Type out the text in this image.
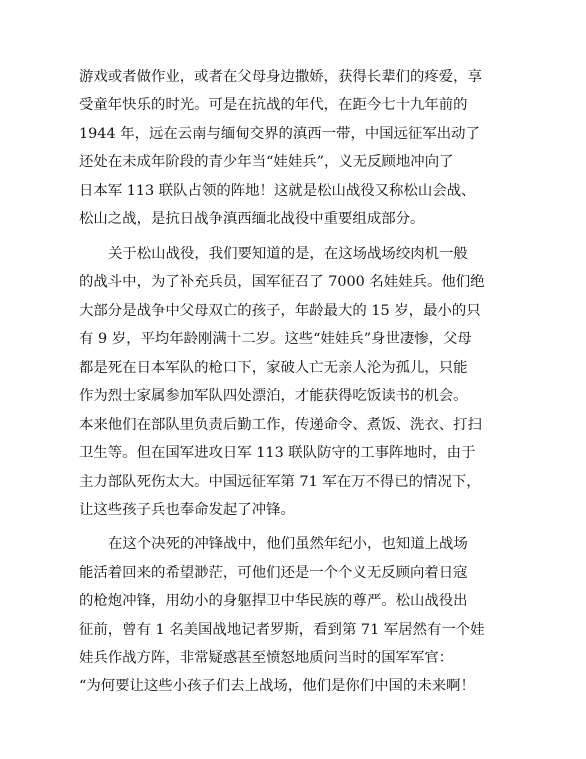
游戏或者做作业，或者在父母身边撒娇，获得长辈们的疼爱，享
受童年快乐的时光。可是在抗战的年代，在距今七十九年前的
1944 年，远在云南与缅甸交界的滇西一带，中国远征军出动了
还处在未成年阶段的青少年当“娃娃兵”，义无反顾地冲向了
日本军 113 联队占领的阵地！这就是松山战役又称松山会战、
松山之战，是抗日战争滇西缅北战役中重要组成部分。
关于松山战役，我们要知道的是，在这场战场绞肉机一般
的战斗中，为了补充兵员，国军征召了 7000 名娃娃兵。他们绝
大部分是战争中父母双亡的孩子，年龄最大的 15 岁，最小的只
有 9 岁，平均年龄刚满十二岁。这些“娃娃兵”身世凄惨，父母
都是死在日本军队的枪口下，家破人亡无亲人沦为孤儿，只能
作为烈士家属参加军队四处漂泊，才能获得吃饭读书的机会。
本来他们在部队里负责后勤工作，传递命令、煮饭、洗衣、打扫
卫生等。但在国军进攻日军 113 联队防守的工事阵地时，由于
主力部队死伤太大。中国远征军第 71 军在万不得已的情况下，
让这些孩子兵也奉命发起了冲锋。
在这个决死的冲锋战中，他们虽然年纪小，也知道上战场
能活着回来的希望渺茫，可他们还是一个个义无反顾向着日寇
的枪炮冲锋，用幼小的身躯捍卫中华民族的尊严。松山战役出
征前，曾有 1 名美国战地记者罗斯，看到第 71 军居然有一个娃
娃兵作战方阵，非常疑惑甚至愤怒地质问当时的国军军官：
“为何要让这些小孩子们去上战场，他们是你们中国的未来啊！
